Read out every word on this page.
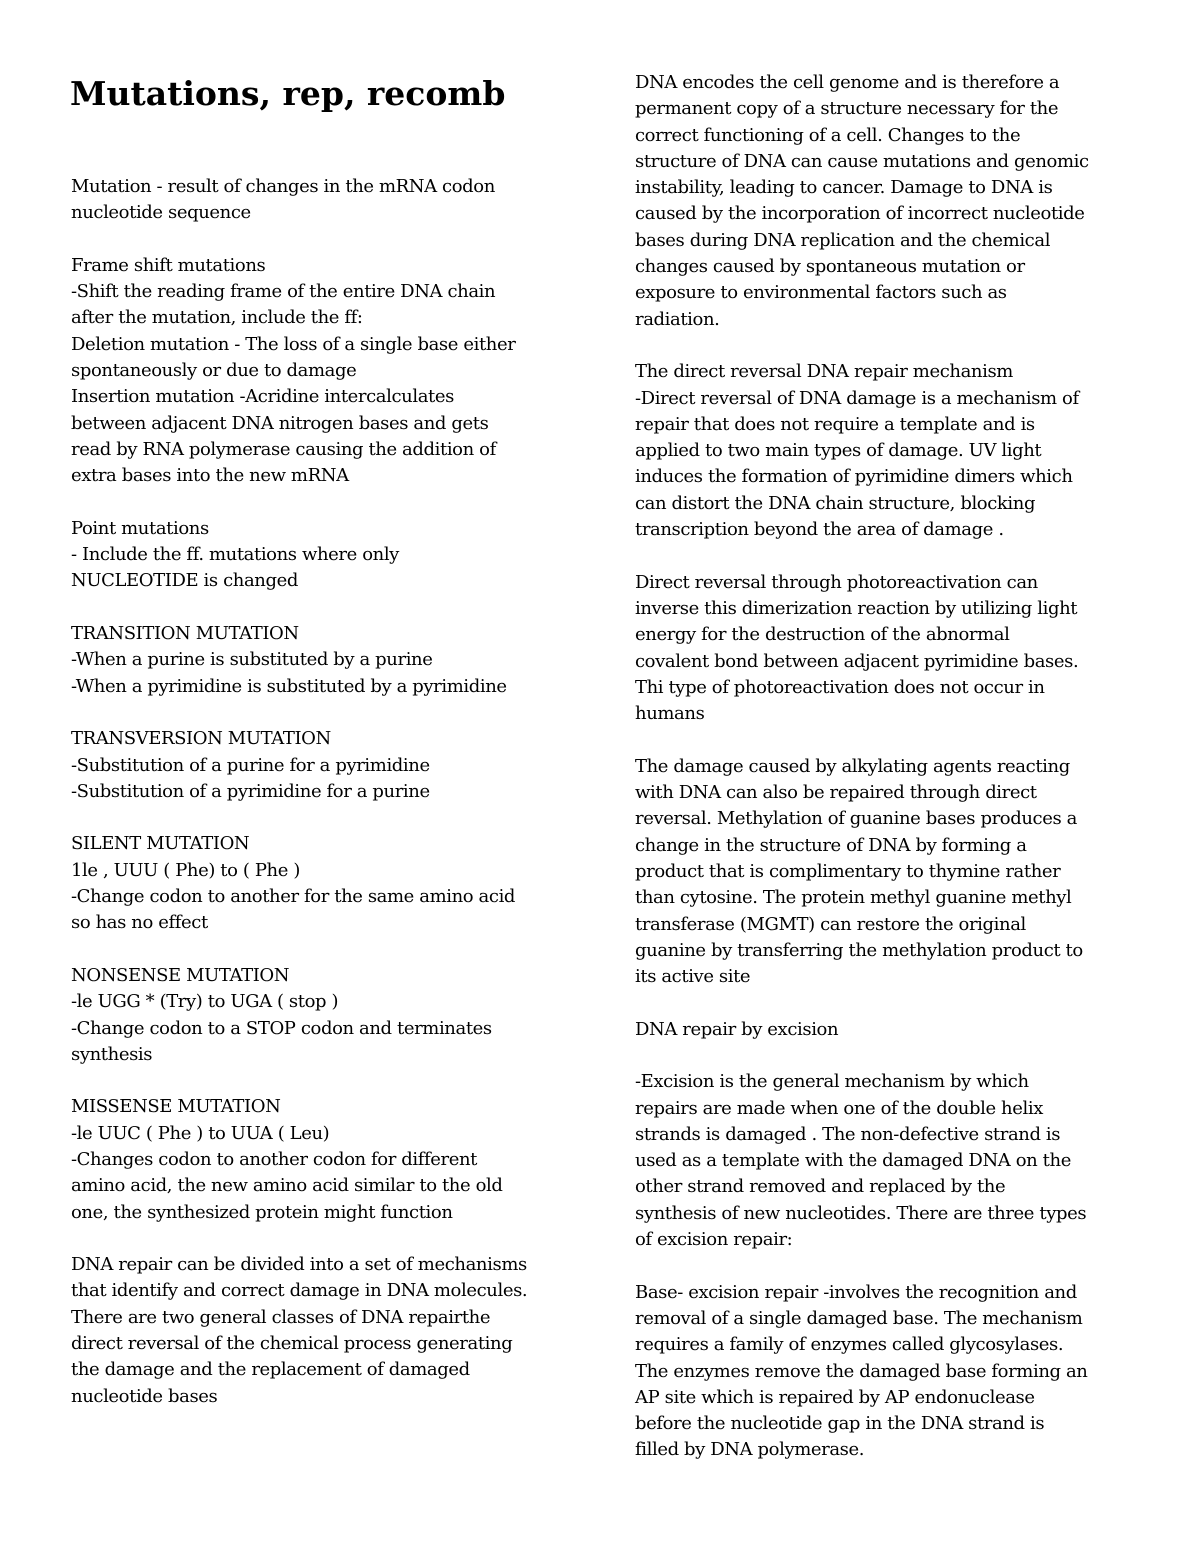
Mutations, rep, recomb
Mutation - result of changes in the mRNA codon
nucleotide sequence
Frame shift mutations
-Shift the reading frame of the entire DNA chain
after the mutation, include the ff:
Deletion mutation - The loss of a single base either
spontaneously or due to damage
Insertion mutation -Acridine intercalculates
between adjacent DNA nitrogen bases and gets
read by RNA polymerase causing the addition of
extra bases into the new mRNA
Point mutations
- Include the ff. mutations where only
NUCLEOTIDE is changed
TRANSITION MUTATION
-When a purine is substituted by a purine
-When a pyrimidine is substituted by a pyrimidine
TRANSVERSION MUTATION
-Substitution of a purine for a pyrimidine
-Substitution of a pyrimidine for a purine
SILENT MUTATION
1le , UUU ( Phe) to ( Phe )
-Change codon to another for the same amino acid
so has no effect
NONSENSE MUTATION
-le UGG * (Try) to UGA ( stop )
-Change codon to a STOP codon and terminates
synthesis
MISSENSE MUTATION
-le UUC ( Phe ) to UUA ( Leu)
-Changes codon to another codon for different
amino acid, the new amino acid similar to the old
one, the synthesized protein might function
DNA repair can be divided into a set of mechanisms
that identify and correct damage in DNA molecules.
There are two general classes of DNA repairthe
direct reversal of the chemical process generating
the damage and the replacement of damaged
nucleotide bases
DNA encodes the cell genome and is therefore a
permanent copy of a structure necessary for the
correct functioning of a cell. Changes to the
structure of DNA can cause mutations and genomic
instability, leading to cancer. Damage to DNA is
caused by the incorporation of incorrect nucleotide
bases during DNA replication and the chemical
changes caused by spontaneous mutation or
exposure to environmental factors such as
radiation.
The direct reversal DNA repair mechanism
-Direct reversal of DNA damage is a mechanism of
repair that does not require a template and is
applied to two main types of damage. UV light
induces the formation of pyrimidine dimers which
can distort the DNA chain structure, blocking
transcription beyond the area of damage .
Direct reversal through photoreactivation can
inverse this dimerization reaction by utilizing light
energy for the destruction of the abnormal
covalent bond between adjacent pyrimidine bases.
Thi type of photoreactivation does not occur in
humans
The damage caused by alkylating agents reacting
with DNA can also be repaired through direct
reversal. Methylation of guanine bases produces a
change in the structure of DNA by forming a
product that is complimentary to thymine rather
than cytosine. The protein methyl guanine methyl
transferase (MGMT) can restore the original
guanine by transferring the methylation product to
its active site
DNA repair by excision
-Excision is the general mechanism by which
repairs are made when one of the double helix
strands is damaged . The non-defective strand is
used as a template with the damaged DNA on the
other strand removed and replaced by the
synthesis of new nucleotides. There are three types
of excision repair:
Base- excision repair -involves the recognition and
removal of a single damaged base. The mechanism
requires a family of enzymes called glycosylases.
The enzymes remove the damaged base forming an
AP site which is repaired by AP endonuclease
before the nucleotide gap in the DNA strand is
filled by DNA polymerase.
